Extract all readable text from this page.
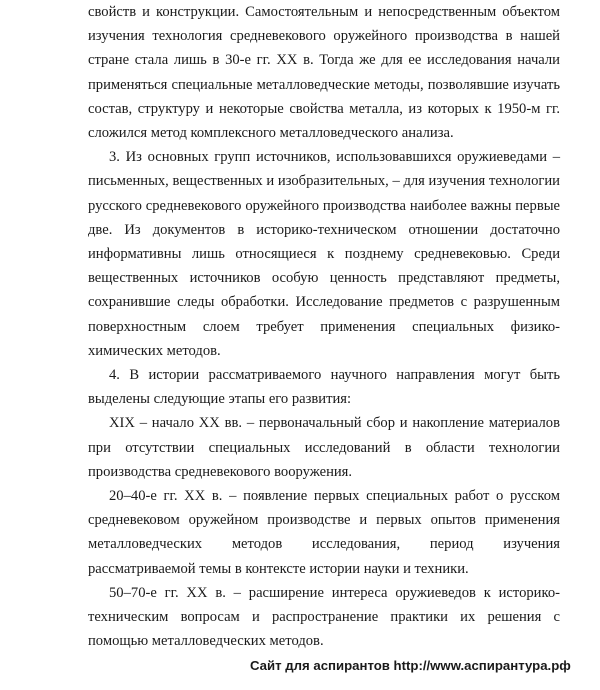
свойств и конструкции. Самостоятельным и непосредственным объектом изучения технология средневекового оружейного производства в нашей стране стала лишь в 30-е гг. XX в. Тогда же для ее исследования начали применяться специальные металловедческие методы, позволявшие изучать состав, структуру и некоторые свойства металла, из которых к 1950-м гг. сложился метод комплексного металловедческого анализа.

3. Из основных групп источников, использовавшихся оружиеведами – письменных, вещественных и изобразительных, – для изучения технологии русского средневекового оружейного производства наиболее важны первые две. Из документов в историко-техническом отношении достаточно информативны лишь относящиеся к позднему средневековью. Среди вещественных источников особую ценность представляют предметы, сохранившие следы обработки. Исследование предметов с разрушенным поверхностным слоем требует применения специальных физико-химических методов.

4. В истории рассматриваемого научного направления могут быть выделены следующие этапы его развития:

XIX – начало XX вв. – первоначальный сбор и накопление материалов при отсутствии специальных исследований в области технологии производства средневекового вооружения.

20–40-е гг. XX в. – появление первых специальных работ о русском средневековом оружейном производстве и первых опытов применения металловедческих методов исследования, период изучения рассматриваемой темы в контексте истории науки и техники.

50–70-е гг. XX в. – расширение интереса оружиеведов к историко-техническим вопросам и распространение практики их решения с помощью металловедческих методов.

Сайт для аспирантов http://www.аспирантура.рф
